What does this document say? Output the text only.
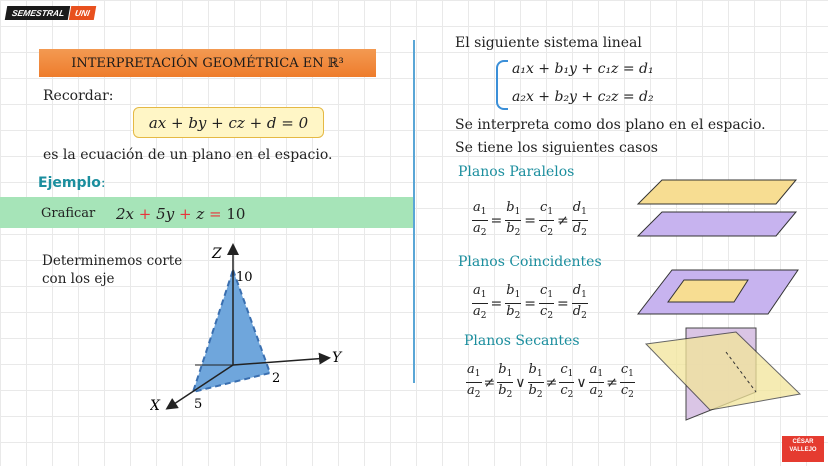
SEMESTRAL	UNI
INTERPRETACIÓN GEOMÉTRICA EN ℝ³
Recordar:
ax + by + cz + d = 0
es la ecuación de un plano en el espacio.
Ejemplo:
Graficar 2x + 5y + z = 10
Determinemos corte
con los eje
Z
Y
X
10
2
5
El siguiente sistema lineal
a₁x + b₁y + c₁z = d₁
a₂x + b₂y + c₂z = d₂
Se interpreta como dos plano en el espacio.
Se tiene los siguientes casos
Planos Paralelos
$\frac{a_1}{a_2} = \frac{b_1}{b_2} = \frac{c_1}{c_2} \ne \frac{d_1}{d_2}$
Planos Coincidentes
$\frac{a_1}{a_2} = \frac{b_1}{b_2} = \frac{c_1}{c_2} = \frac{d_1}{d_2}$
Planos Secantes
$\frac{a_1}{a_2} \ne \frac{b_1}{b_2}$ ∨ $\frac{b_1}{b_2} \ne \frac{c_1}{c_2}$ ∨ $\frac{a_1}{a_2} \ne \frac{c_1}{c_2}$
CÉSAR VALLEJO
